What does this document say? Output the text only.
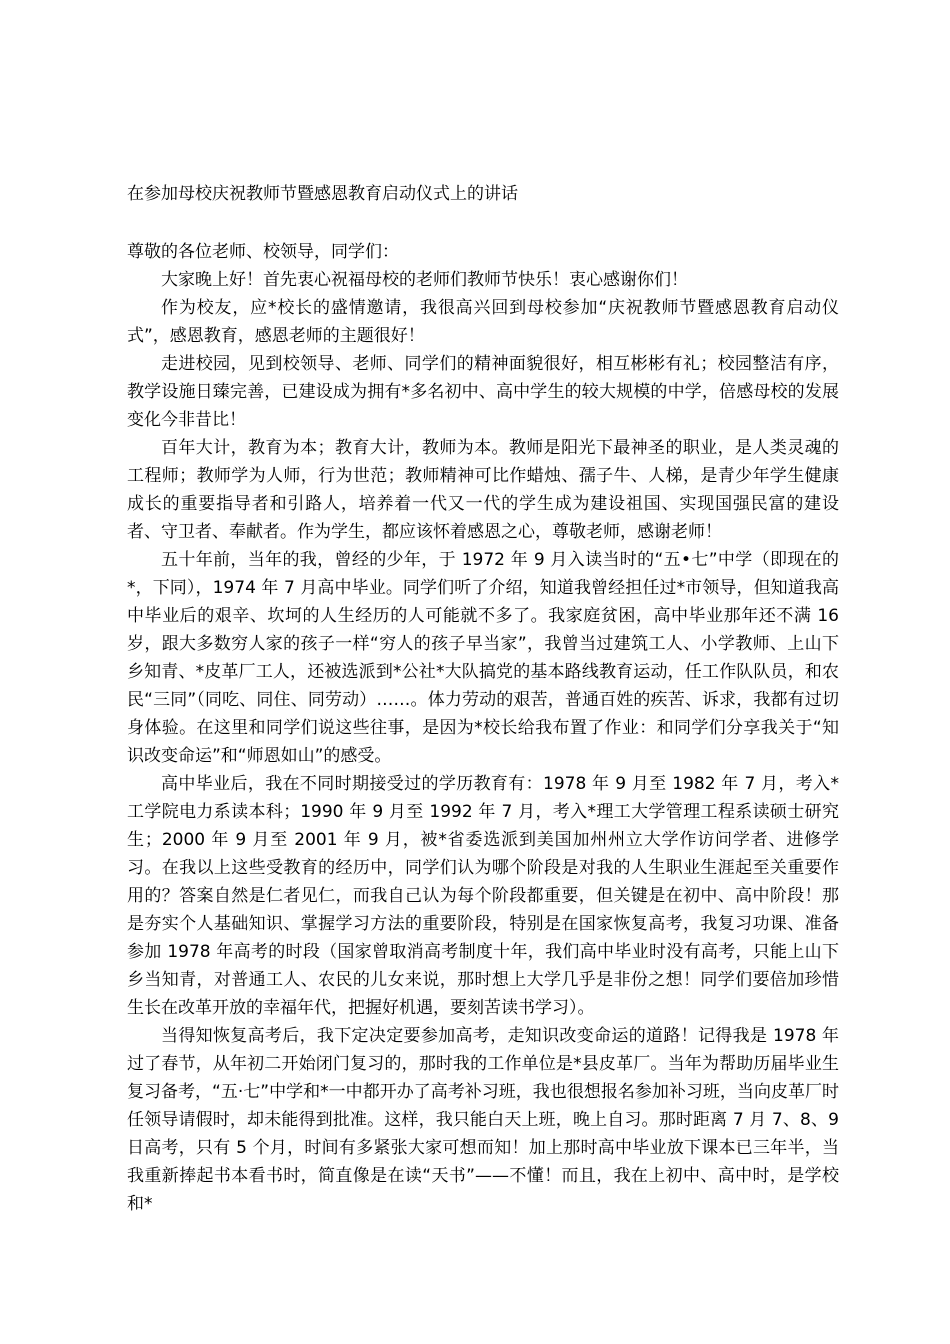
在参加母校庆祝教师节暨感恩教育启动仪式上的讲话
尊敬的各位老师、校领导，同学们：

大家晚上好！首先衷心祝福母校的老师们教师节快乐！衷心感谢你们！

作为校友，应*校长的盛情邀请，我很高兴回到母校参加“庆祝教师节暨感恩教育启动仪式”，感恩教育，感恩老师的主题很好！

走进校园，见到校领导、老师、同学们的精神面貌很好，相互彬彬有礼；校园整洁有序，教学设施日臻完善，已建设成为拥有*多名初中、高中学生的较大规模的中学，倍感母校的发展变化今非昔比！

百年大计，教育为本；教育大计，教师为本。教师是阳光下最神圣的职业，是人类灵魂的工程师；教师学为人师，行为世范；教师精神可比作蜡烛、孺子牛、人梯，是青少年学生健康成长的重要指导者和引路人，培养着一代又一代的学生成为建设祖国、实现国强民富的建设者、守卫者、奉献者。作为学生，都应该怀着感恩之心，尊敬老师，感谢老师！

五十年前，当年的我，曾经的少年，于 1972 年 9 月入读当时的“五•七”中学（即现在的*，下同），1974 年 7 月高中毕业。同学们听了介绍，知道我曾经担任过*市领导，但知道我高中毕业后的艰辛、坎坷的人生经历的人可能就不多了。我家庭贫困，高中毕业那年还不满 16 岁，跟大多数穷人家的孩子一样“穷人的孩子早当家”，我曾当过建筑工人、小学教师、上山下乡知青、*皮革厂工人，还被选派到*公社*大队搞党的基本路线教育运动，任工作队队员，和农民“三同”（同吃、同住、同劳动）……。体力劳动的艰苦，普通百姓的疾苦、诉求，我都有过切身体验。在这里和同学们说这些往事，是因为*校长给我布置了作业：和同学们分享我关于“知识改变命运”和“师恩如山”的感受。

高中毕业后，我在不同时期接受过的学历教育有：1978 年 9 月至 1982 年 7 月，考入*工学院电力系读本科；1990 年 9 月至 1992 年 7 月，考入*理工大学管理工程系读硕士研究生；2000 年 9 月至 2001 年 9 月，被*省委选派到美国加州州立大学作访问学者、进修学习。在我以上这些受教育的经历中，同学们认为哪个阶段是对我的人生职业生涯起至关重要作用的？答案自然是仁者见仁，而我自己认为每个阶段都重要，但关键是在初中、高中阶段！那是夯实个人基础知识、掌握学习方法的重要阶段，特别是在国家恢复高考，我复习功课、准备参加 1978 年高考的时段（国家曾取消高考制度十年，我们高中毕业时没有高考，只能上山下乡当知青，对普通工人、农民的儿女来说，那时想上大学几乎是非份之想！同学们要倍加珍惜生长在改革开放的幸福年代，把握好机遇，要刻苦读书学习）。

当得知恢复高考后，我下定决定要参加高考，走知识改变命运的道路！记得我是 1978 年过了春节，从年初二开始闭门复习的，那时我的工作单位是*县皮革厂。当年为帮助历届毕业生复习备考，“五·七”中学和*一中都开办了高考补习班，我也很想报名参加补习班，当向皮革厂时任领导请假时，却未能得到批准。这样，我只能白天上班，晚上自习。那时距离 7 月 7、8、9 日高考，只有 5 个月，时间有多紧张大家可想而知！加上那时高中毕业放下课本已三年半，当我重新捧起书本看书时，简直像是在读“天书”——不懂！而且，我在上初中、高中时，是学校和*
